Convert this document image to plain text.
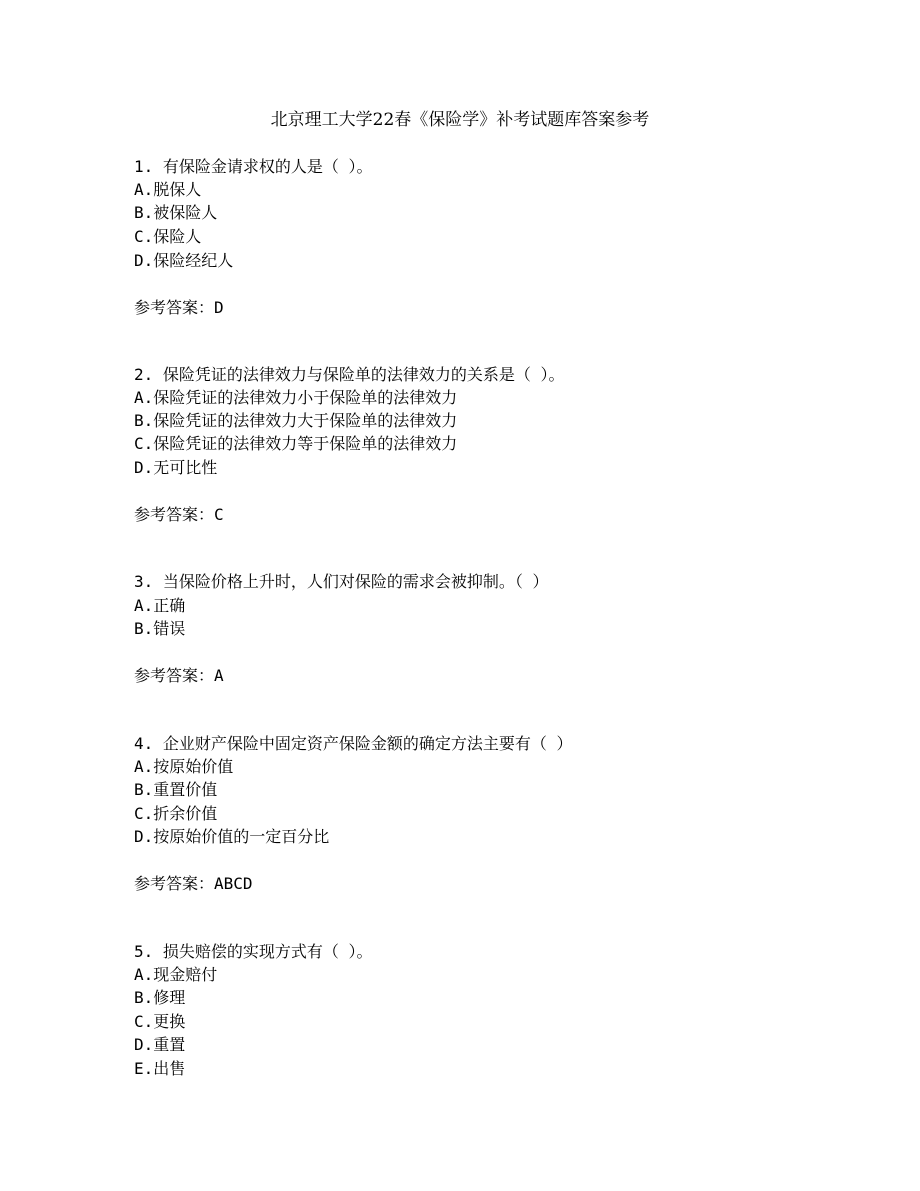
北京理工大学22春《保险学》补考试题库答案参考
1. 有保险金请求权的人是（ ）。
A.脱保人
B.被保险人
C.保险人
D.保险经纪人
参考答案：D
2. 保险凭证的法律效力与保险单的法律效力的关系是（ ）。
A.保险凭证的法律效力小于保险单的法律效力
B.保险凭证的法律效力大于保险单的法律效力
C.保险凭证的法律效力等于保险单的法律效力
D.无可比性
参考答案：C
3. 当保险价格上升时，人们对保险的需求会被抑制。（ ）
A.正确
B.错误
参考答案：A
4. 企业财产保险中固定资产保险金额的确定方法主要有（ ）
A.按原始价值
B.重置价值
C.折余价值
D.按原始价值的一定百分比
参考答案：ABCD
5. 损失赔偿的实现方式有（ ）。
A.现金赔付
B.修理
C.更换
D.重置
E.出售
